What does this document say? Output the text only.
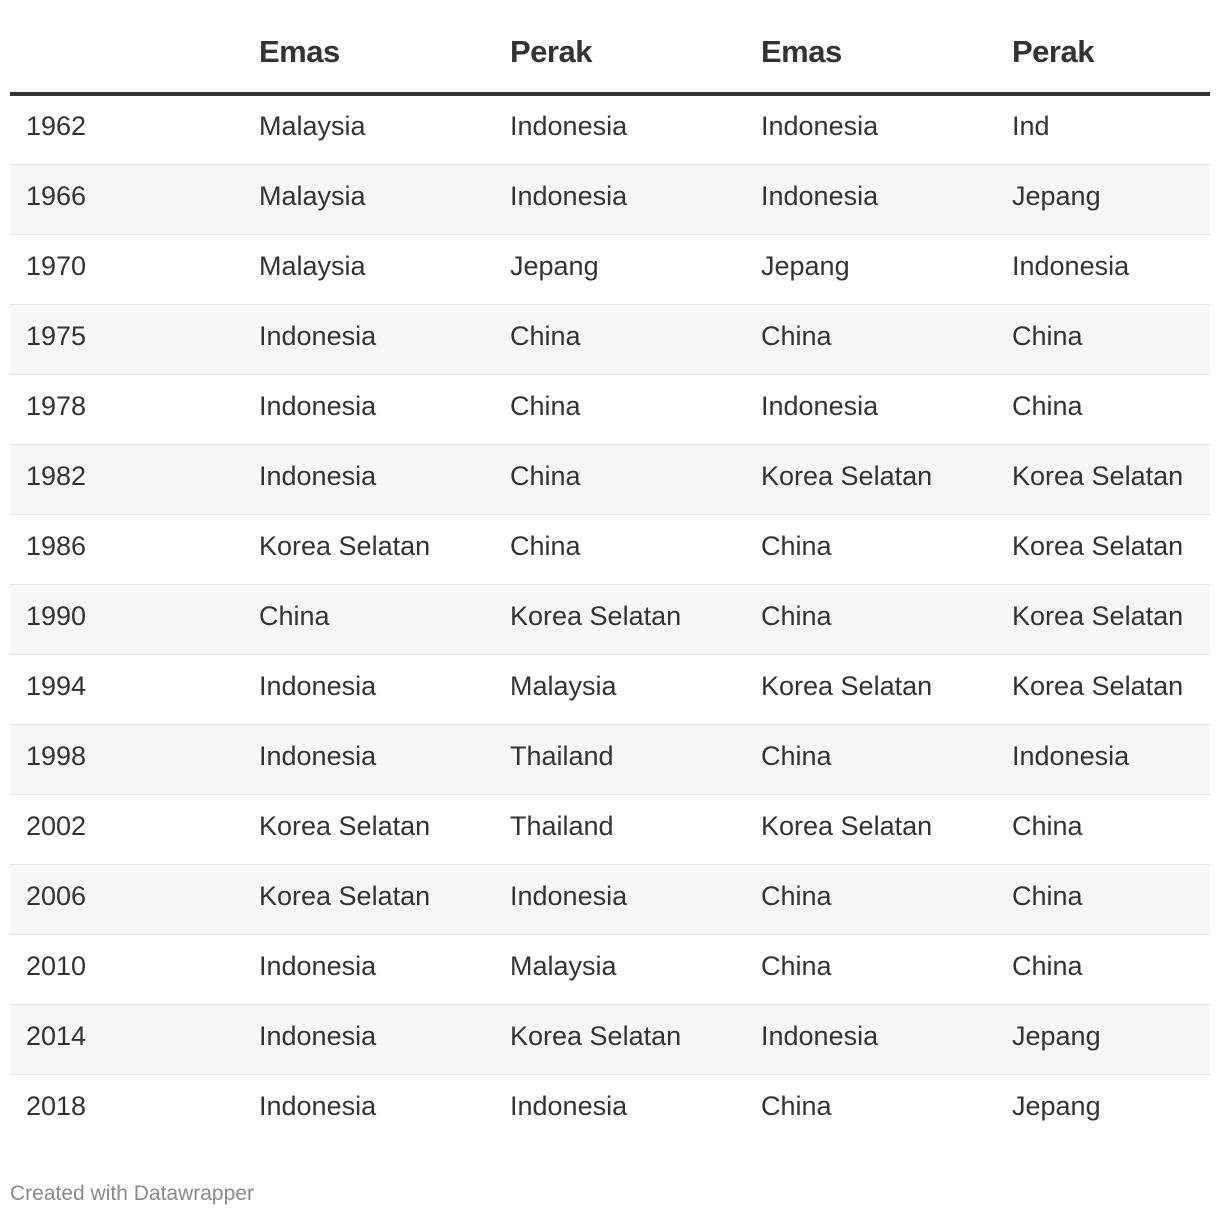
	Emas	Perak	Emas	Perak
1962	Malaysia	Indonesia	Indonesia	Ind
1966	Malaysia	Indonesia	Indonesia	Jepang
1970	Malaysia	Jepang	Jepang	Indonesia
1975	Indonesia	China	China	China
1978	Indonesia	China	Indonesia	China
1982	Indonesia	China	Korea Selatan	Korea Selatan
1986	Korea Selatan	China	China	Korea Selatan
1990	China	Korea Selatan	China	Korea Selatan
1994	Indonesia	Malaysia	Korea Selatan	Korea Selatan
1998	Indonesia	Thailand	China	Indonesia
2002	Korea Selatan	Thailand	Korea Selatan	China
2006	Korea Selatan	Indonesia	China	China
2010	Indonesia	Malaysia	China	China
2014	Indonesia	Korea Selatan	Indonesia	Jepang
2018	Indonesia	Indonesia	China	Jepang
Created with Datawrapper
